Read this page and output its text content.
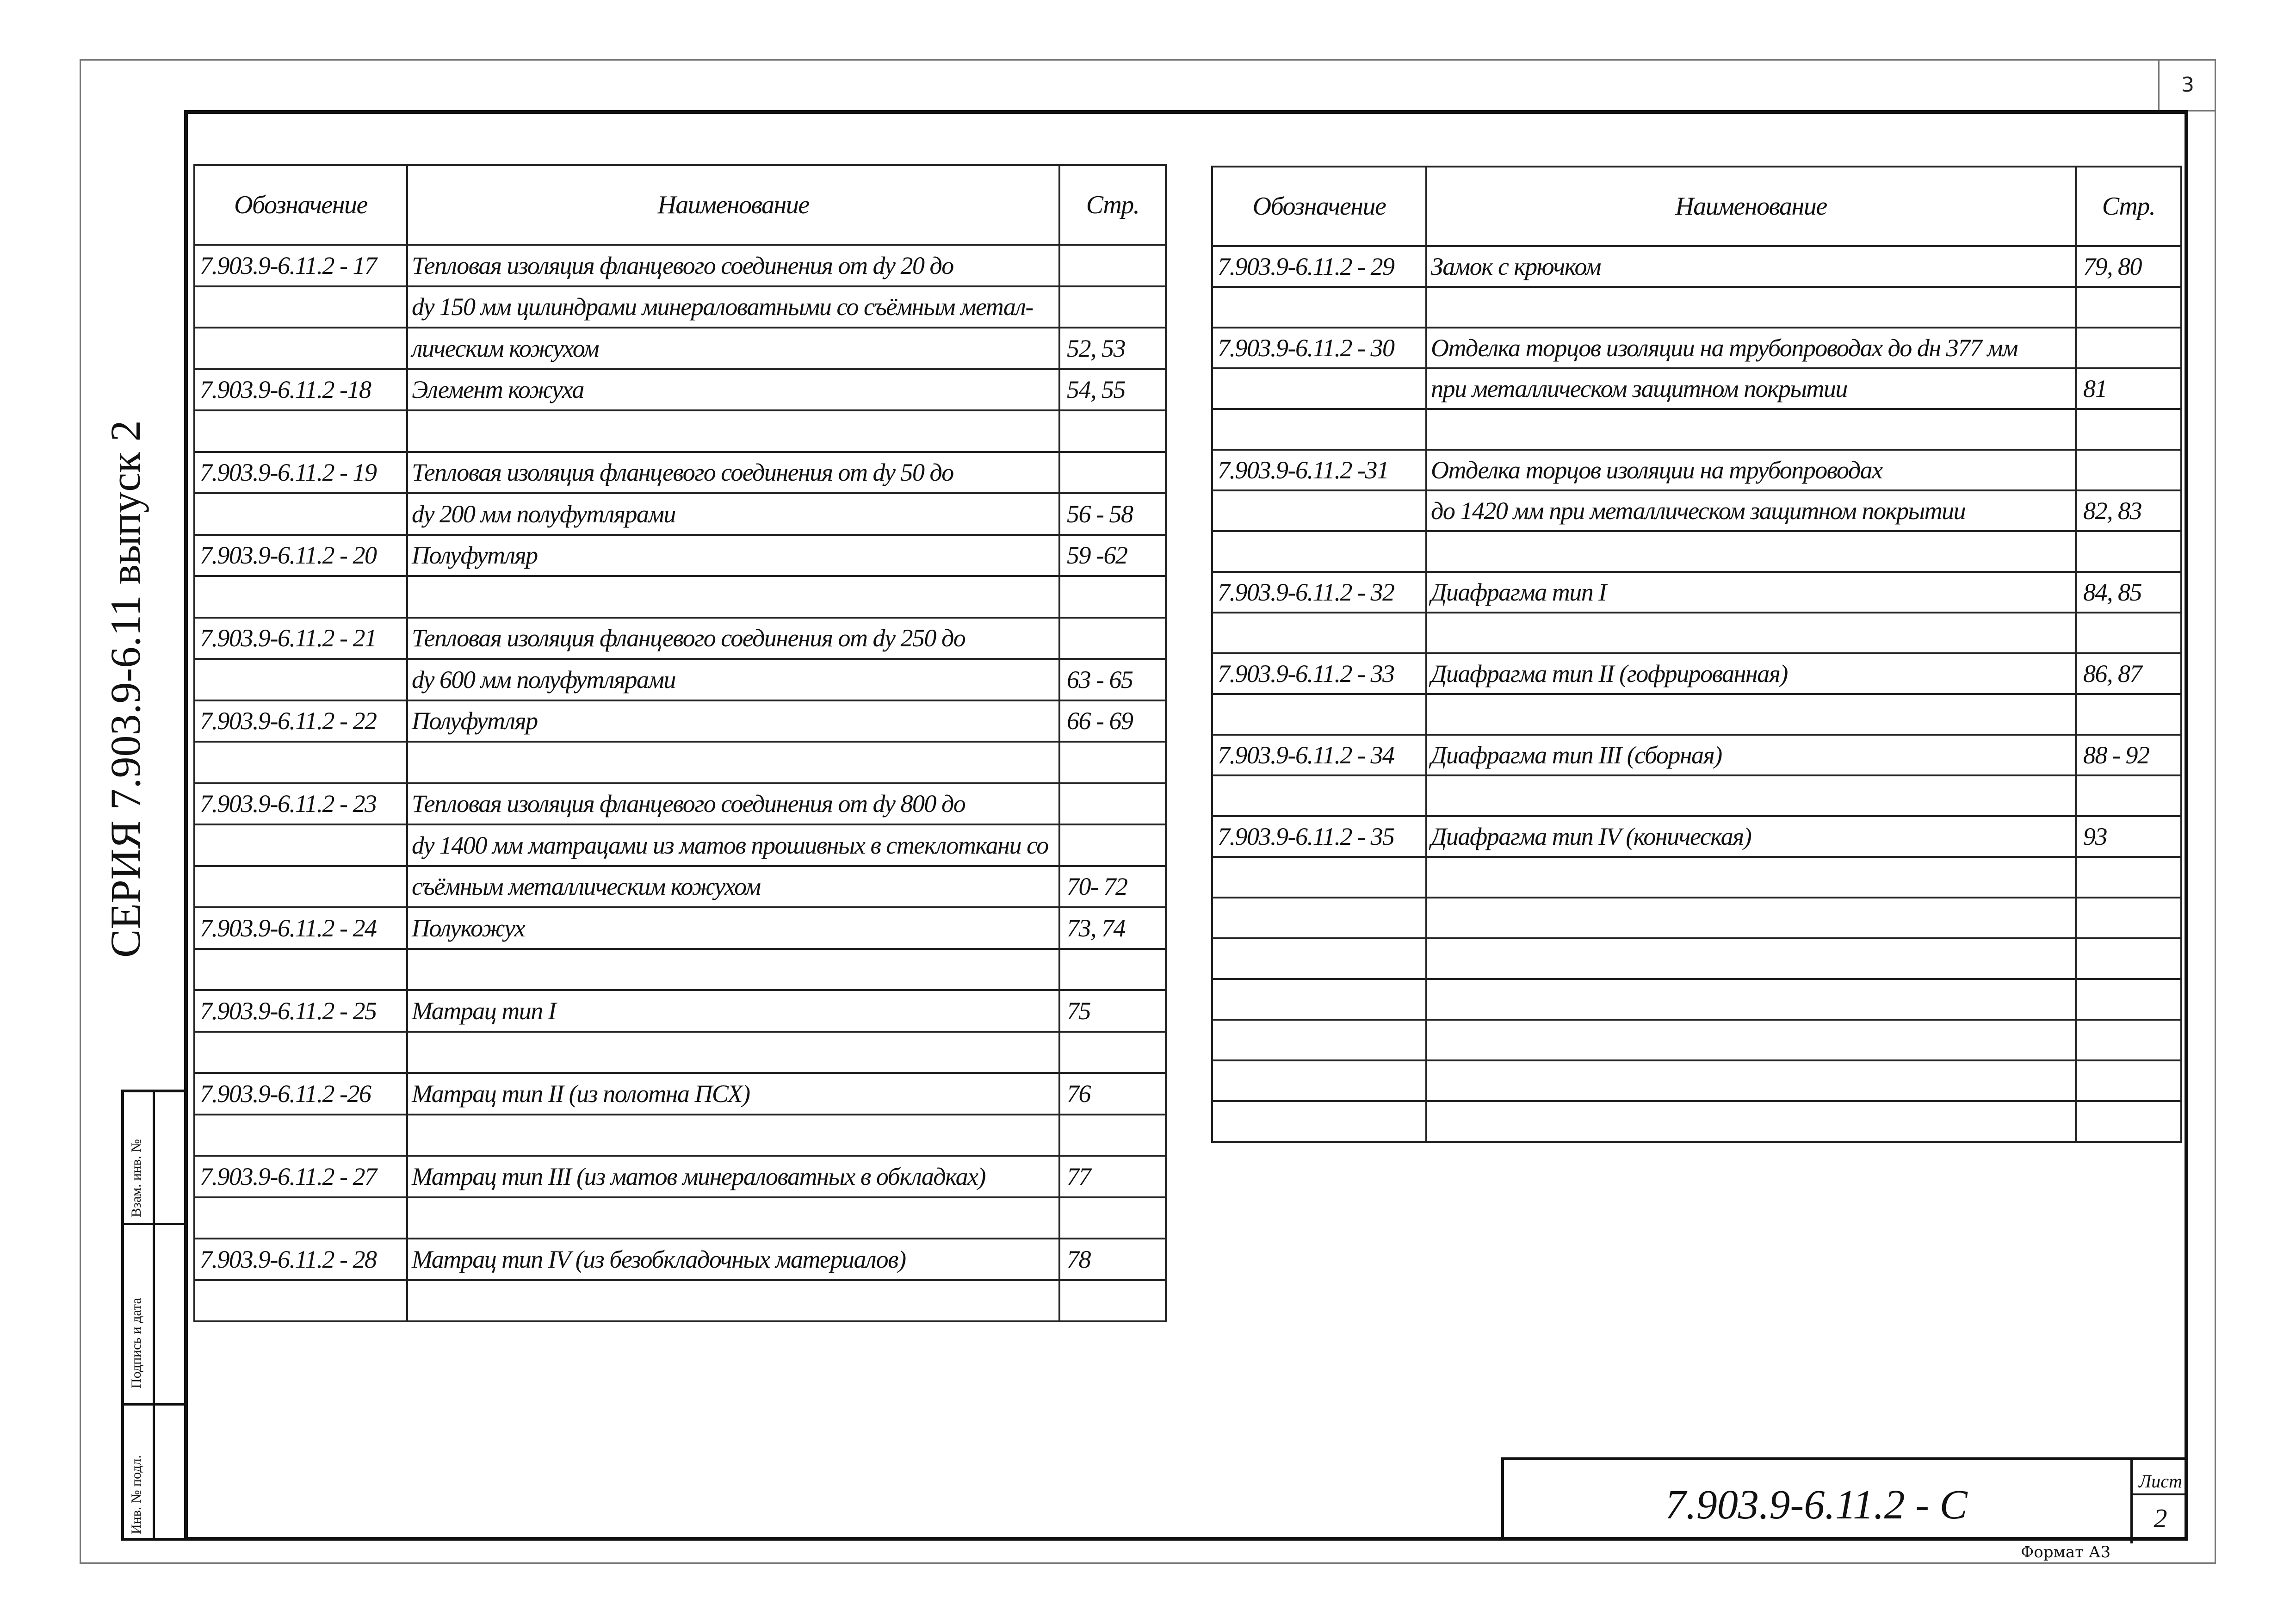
3
СЕРИЯ 7.903.9-6.11 выпуск 2
Взам. инв. №
Подпись и дата
Инв. № подл.
Обозначение	Наименование	Стр.
7.903.9-6.11.2 - 17	Тепловая изоляция фланцевого соединения от dy 20 до	
	dy 150 мм цилиндрами минераловатными со съёмным метал-	
	лическим кожухом	52, 53
7.903.9-6.11.2 -18	Элемент кожуха	54, 55

7.903.9-6.11.2 - 19	Тепловая изоляция фланцевого соединения от dy 50 до	
	dy 200 мм полуфутлярами	56 - 58
7.903.9-6.11.2 - 20	Полуфутляр	59 -62

7.903.9-6.11.2 - 21	Тепловая изоляция фланцевого соединения от dy 250 до	
	dy 600 мм полуфутлярами	63 - 65
7.903.9-6.11.2 - 22	Полуфутляр	66 - 69

7.903.9-6.11.2 - 23	Тепловая изоляция фланцевого соединения от dy 800 до	
	dy 1400 мм матрацами из матов прошивных в стеклоткани со	
	съёмным металлическим кожухом	70- 72
7.903.9-6.11.2 - 24	Полукожух	73, 74

7.903.9-6.11.2 - 25	Матрац тип I	75

7.903.9-6.11.2 -26	Матрац тип II (из полотна ПСХ)	76

7.903.9-6.11.2 - 27	Матрац тип III (из матов минераловатных в обкладках)	77

7.903.9-6.11.2 - 28	Матрац тип IV (из безобкладочных материалов)	78

Обозначение	Наименование	Стр.
7.903.9-6.11.2 - 29	Замок с крючком	79, 80

7.903.9-6.11.2 - 30	Отделка торцов изоляции на трубопроводах до dн 377 мм	
	при металлическом защитном покрытии	81

7.903.9-6.11.2 -31	Отделка торцов изоляции на трубопроводах	
	до 1420 мм при металлическом защитном покрытии	82, 83

7.903.9-6.11.2 - 32	Диафрагма тип I	84, 85

7.903.9-6.11.2 - 33	Диафрагма тип II (гофрированная)	86, 87

7.903.9-6.11.2 - 34	Диафрагма тип III (сборная)	88 - 92

7.903.9-6.11.2 - 35	Диафрагма тип IV (коническая)	93

7.903.9-6.11.2 - С
Лист
2
Формат А3
